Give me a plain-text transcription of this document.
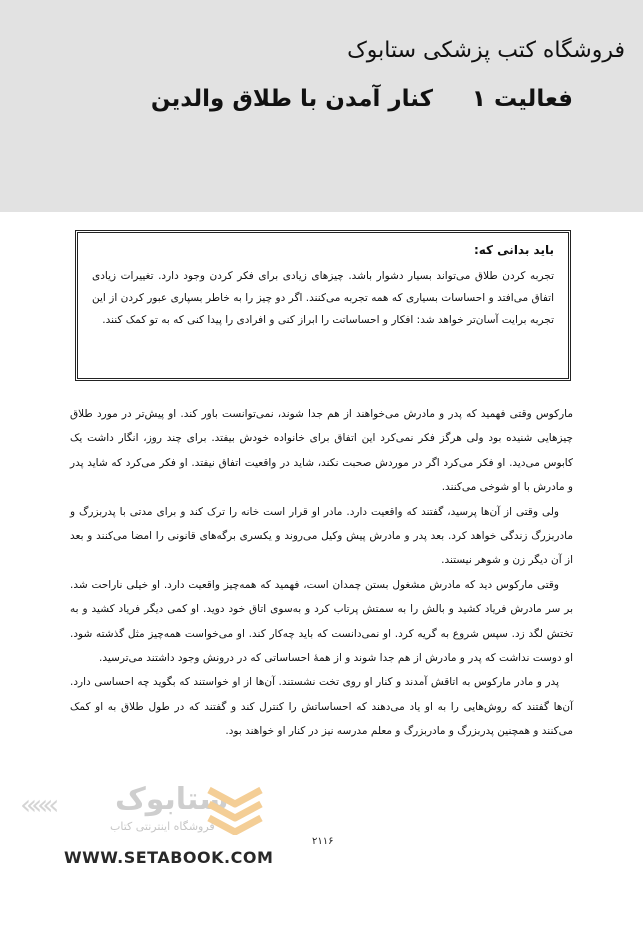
فروشگاه کتب پزشکی ستابوک
فعالیت ۱
کنار آمدن با طلاق والدین

باید بدانی که:

تجربه کردن طلاق می‌تواند بسیار دشوار باشد. چیزهای زیادی برای فکر کردن وجود دارد. تغییرات زیادی اتفاق می‌افتد و احساسات بسیاری که همه تجربه می‌کنند. اگر دو چیز را به خاطر بسپاری عبور کردن از این تجربه برایت آسان‌تر خواهد شد: افکار و احساساتت را ابراز کنی و افرادی را پیدا کنی که به تو کمک کنند.

مارکوس وقتی فهمید که پدر و مادرش می‌خواهند از هم جدا شوند، نمی‌توانست باور کند. او پیش‌تر در مورد طلاق چیزهایی شنیده بود ولی هرگز فکر نمی‌کرد این اتفاق برای خانواده خودش بیفتد. برای چند روز، انگار داشت یک کابوس می‌دید. او فکر می‌کرد اگر در موردش صحبت نکند، شاید در واقعیت اتفاق نیفتد. او فکر می‌کرد که شاید پدر و مادرش با او شوخی می‌کنند.

ولی وقتی از آن‌ها پرسید، گفتند که واقعیت دارد. مادر او قرار است خانه را ترک کند و برای مدتی با پدربزرگ و مادربزرگ زندگی خواهد کرد. بعد پدر و مادرش پیش وکیل می‌روند و یکسری برگه‌های قانونی را امضا می‌کنند و بعد از آن دیگر زن و شوهر نیستند.

وقتی مارکوس دید که مادرش مشغول بستن چمدان است، فهمید که همه‌چیز واقعیت دارد. او خیلی ناراحت شد. بر سر مادرش فریاد کشید و بالش را به سمتش پرتاب کرد و به‌سوی اتاق خود دوید. او کمی دیگر فریاد کشید و به تختش لگد زد. سپس شروع به گریه کرد. او نمی‌دانست که باید چه‌کار کند. او می‌خواست همه‌چیز مثل گذشته شود. او دوست نداشت که پدر و مادرش از هم جدا شوند و از همهٔ احساساتی که در درونش وجود داشتند می‌ترسید.

پدر و مادر مارکوس به اتاقش آمدند و کنار او روی تخت نشستند. آن‌ها از او خواستند که بگوید چه احساسی دارد. آن‌ها گفتند که روش‌هایی را به او یاد می‌دهند که احساساتش را کنترل کند و گفتند که در طول طلاق به او کمک می‌کنند و همچنین پدربزرگ و مادربزرگ و معلم مدرسه نیز در کنار او خواهند بود.

««« ستابوک
فروشگاه اینترنتی کتاب
WWW.SETABOOK.COM
۲۱۱۶
